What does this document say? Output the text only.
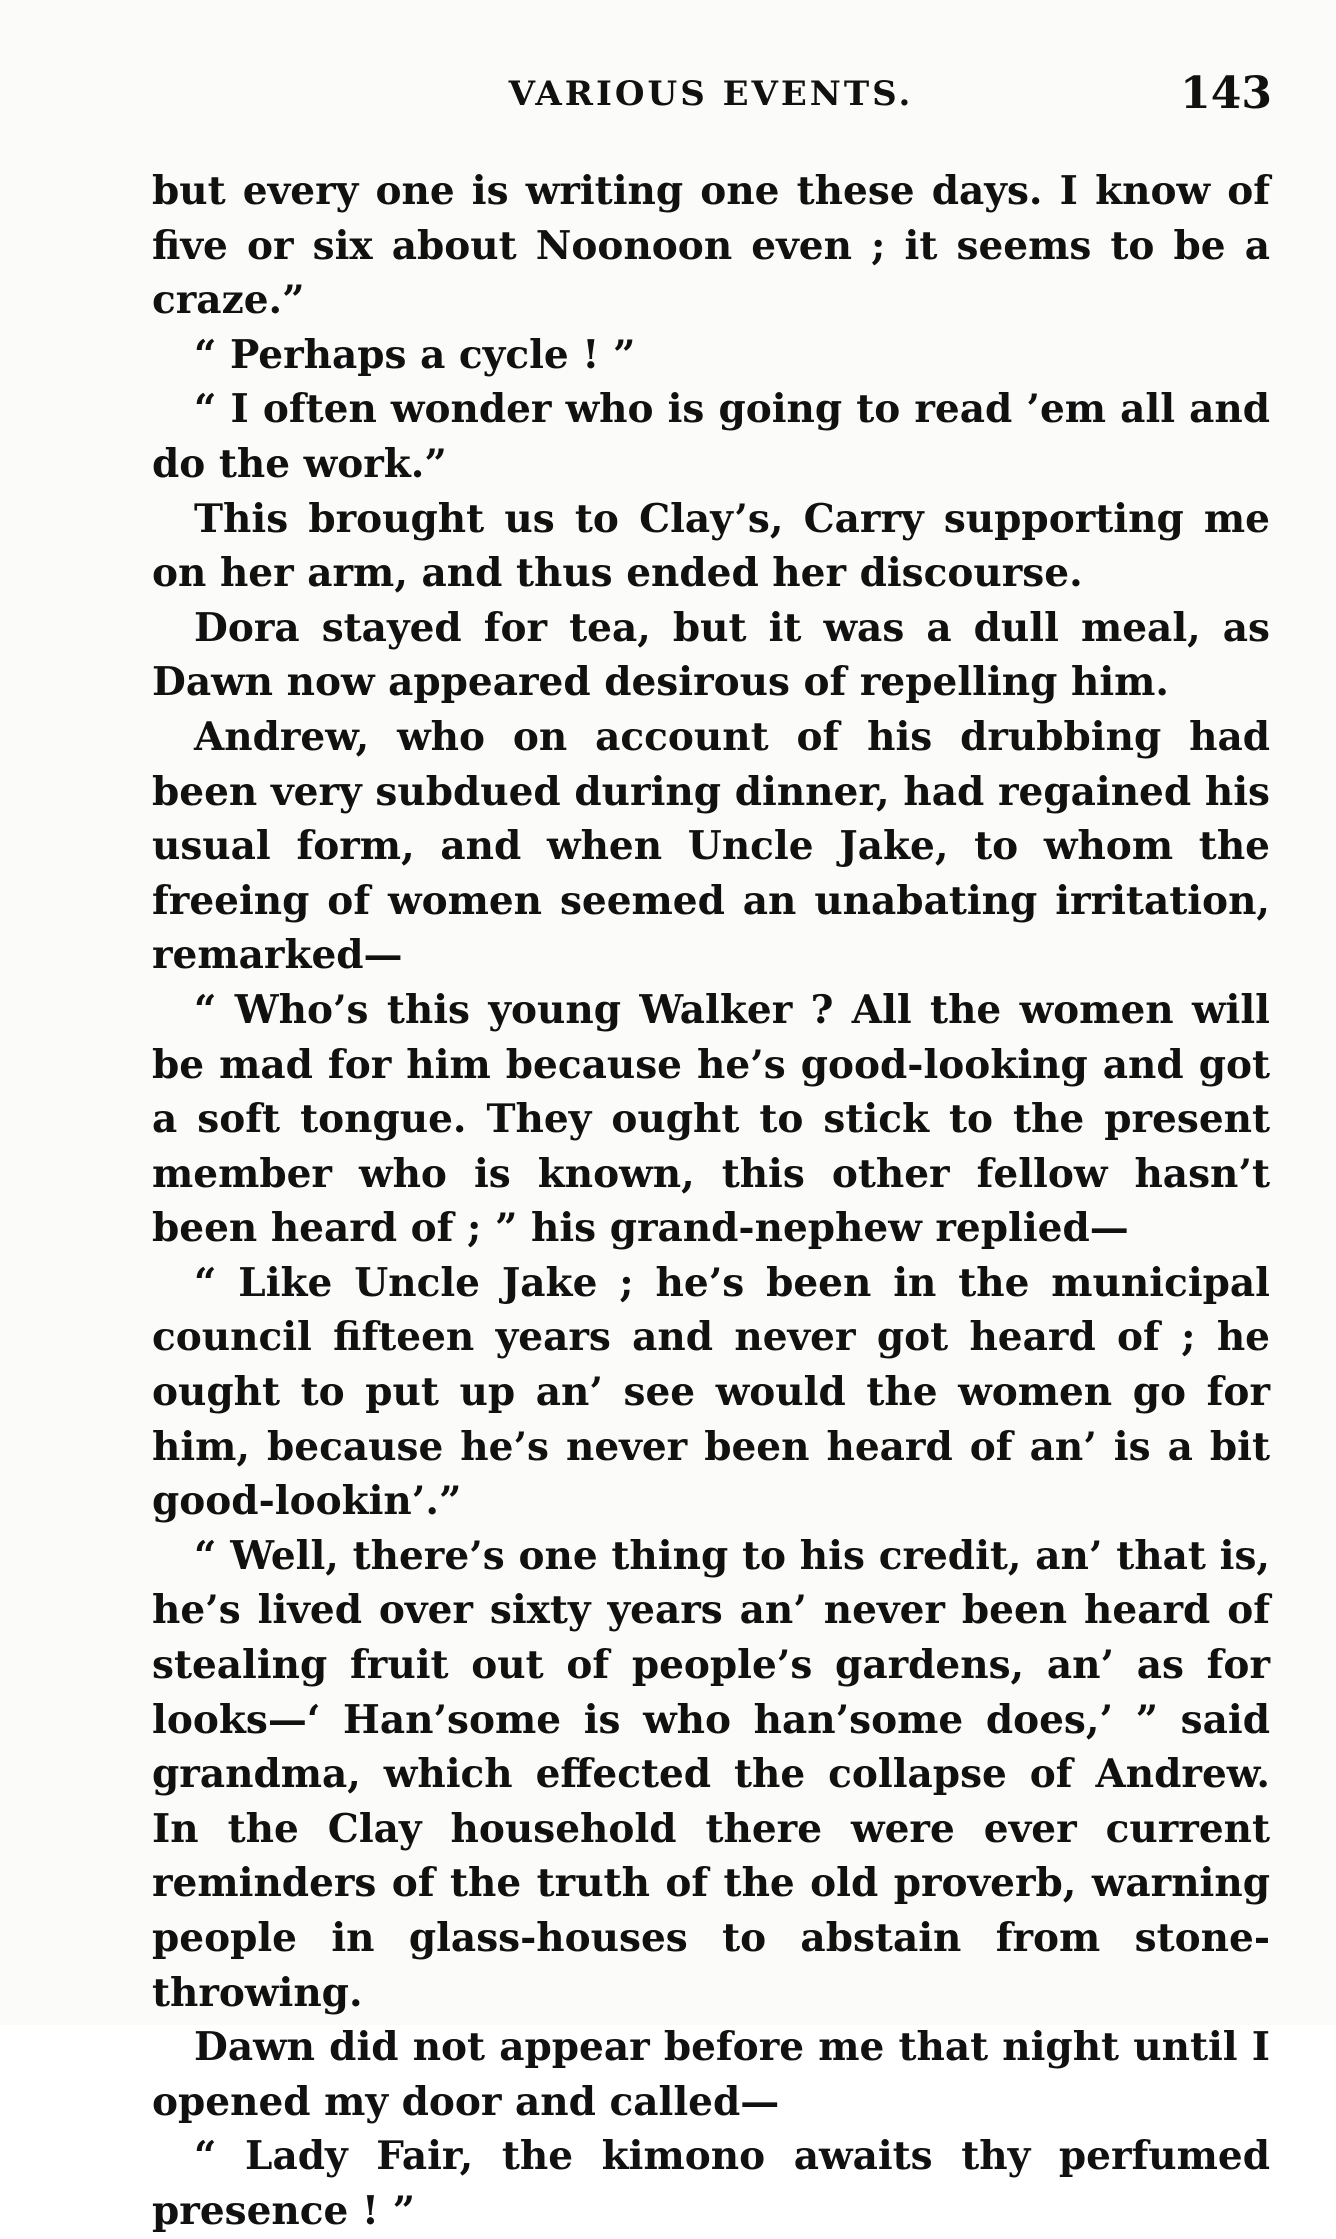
VARIOUS EVENTS.	143

but every one is writing one these days. I know of five or six about Noonoon even ; it seems to be a craze.”

“ Perhaps a cycle ! ”

“ I often wonder who is going to read ’em all and do the work.”

This brought us to Clay’s, Carry supporting me on her arm, and thus ended her discourse.

Dora stayed for tea, but it was a dull meal, as Dawn now appeared desirous of repelling him.

Andrew, who on account of his drubbing had been very subdued during dinner, had regained his usual form, and when Uncle Jake, to whom the freeing of women seemed an unabating irritation, remarked—

“ Who’s this young Walker ? All the women will be mad for him because he’s good-looking and got a soft tongue. They ought to stick to the present member who is known, this other fellow hasn’t been heard of ; ” his grand-nephew replied—

“ Like Uncle Jake ; he’s been in the municipal council fifteen years and never got heard of ; he ought to put up an’ see would the women go for him, because he’s never been heard of an’ is a bit good-lookin’.”

“ Well, there’s one thing to his credit, an’ that is, he’s lived over sixty years an’ never been heard of stealing fruit out of people’s gardens, an’ as for looks—‘ Han’some is who han’some does,’ ” said grandma, which effected the collapse of Andrew. In the Clay household there were ever current reminders of the truth of the old proverb, warning people in glass-houses to abstain from stone-throwing.

Dawn did not appear before me that night until I opened my door and called—

“ Lady Fair, the kimono awaits thy perfumed presence ! ”
